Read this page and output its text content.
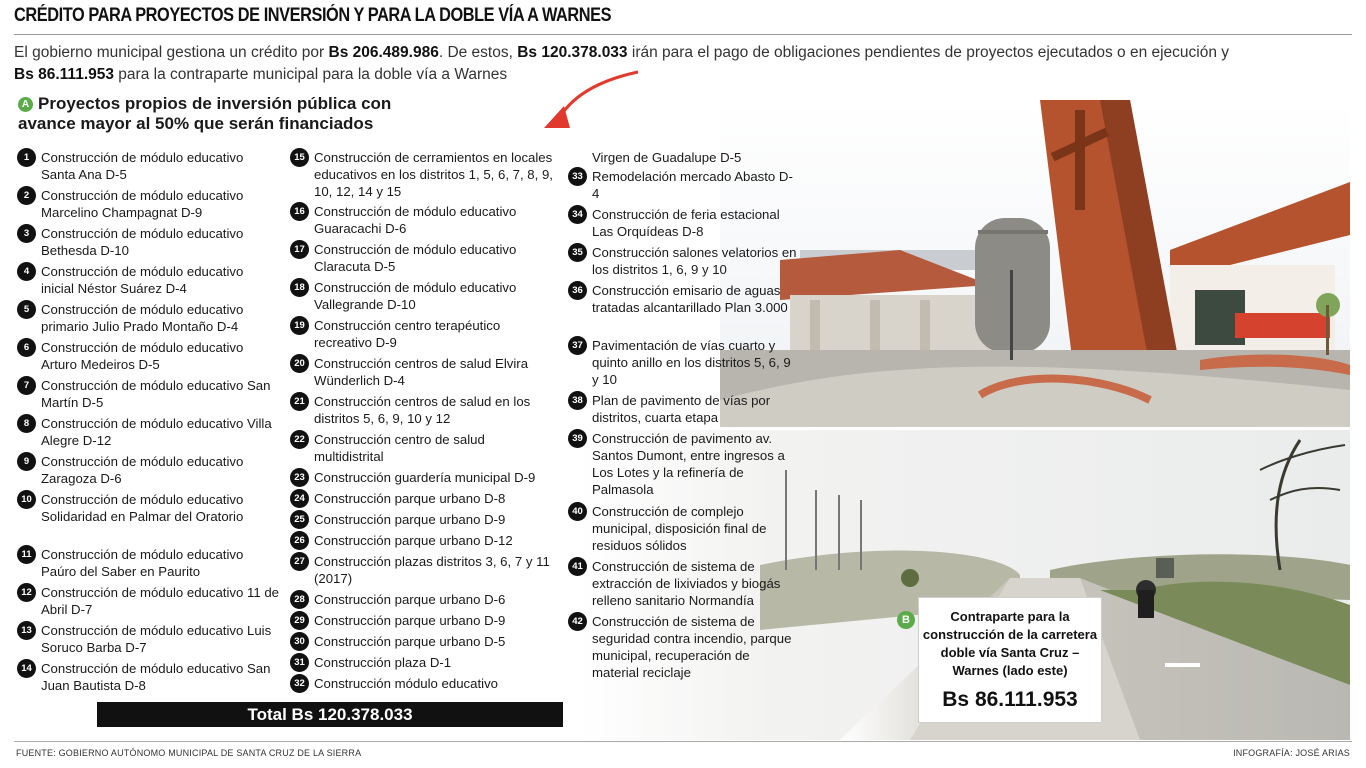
CRÉDITO PARA PROYECTOS DE INVERSIÓN Y PARA LA DOBLE VÍA A WARNES
El gobierno municipal gestiona un crédito por Bs 206.489.986. De estos, Bs 120.378.033 irán para el pago de obligaciones pendientes de proyectos ejecutados o en ejecución y
Bs 86.111.953 para la contraparte municipal para la doble vía a Warnes
A Proyectos propios de inversión pública con avance mayor al 50% que serán financiados
1 Construcción de módulo educativo Santa Ana D-5
2 Construcción de módulo educativo Marcelino Champagnat D-9
3 Construcción de módulo educativo Bethesda D-10
4 Construcción de módulo educativo inicial Néstor Suárez D-4
5 Construcción de módulo educativo primario Julio Prado Montaño D-4
6 Construcción de módulo educativo Arturo Medeiros D-5
7 Construcción de módulo educativo San Martín D-5
8 Construcción de módulo educativo Villa Alegre D-12
9 Construcción de módulo educativo Zaragoza D-6
10 Construcción de módulo educativo Solidaridad en Palmar del Oratorio
11 Construcción de módulo educativo Paúro del Saber en Paurito
12 Construcción de módulo educativo 11 de Abril D-7
13 Construcción de módulo educativo Luis Soruco Barba D-7
14 Construcción de módulo educativo San Juan Bautista D-8
15 Construcción de cerramientos en locales educativos en los distritos 1, 5, 6, 7, 8, 9, 10, 12, 14 y 15
16 Construcción de módulo educativo Guaracachi D-6
17 Construcción de módulo educativo Claracuta D-5
18 Construcción de módulo educativo Vallegrande D-10
19 Construcción centro terapéutico recreativo D-9
20 Construcción centros de salud Elvira Wünderlich D-4
21 Construcción centros de salud en los distritos 5, 6, 9, 10 y 12
22 Construcción centro de salud multidistrital
23 Construcción guardería municipal D-9
24 Construcción parque urbano D-8
25 Construcción parque urbano D-9
26 Construcción parque urbano D-12
27 Construcción plazas distritos 3, 6, 7 y 11 (2017)
28 Construcción parque urbano D-6
29 Construcción parque urbano D-9
30 Construcción parque urbano D-5
31 Construcción plaza D-1
32 Construcción módulo educativo
Virgen de Guadalupe D-5
33 Remodelación mercado Abasto D-4
34 Construcción de feria estacional Las Orquídeas D-8
35 Construcción salones velatorios en los distritos 1, 6, 9 y 10
36 Construcción emisario de aguas tratadas alcantarillado Plan 3.000
37 Pavimentación de vías cuarto y quinto anillo en los distritos 5, 6, 9 y 10
38 Plan de pavimento de vías por distritos, cuarta etapa
39 Construcción de pavimento av. Santos Dumont, entre ingresos a Los Lotes y la refinería de Palmasola
40 Construcción de complejo municipal, disposición final de residuos sólidos
41 Construcción de sistema de extracción de lixiviados y biogás relleno sanitario Normandía
42 Construcción de sistema de seguridad contra incendio, parque municipal, recuperación de material reciclaje
Total Bs 120.378.033
B	Contraparte para la construcción de la carretera doble vía Santa Cruz – Warnes (lado este)
Bs 86.111.953
FUENTE: GOBIERNO AUTÓNOMO MUNICIPAL DE SANTA CRUZ DE LA SIERRA	INFOGRAFÍA: JOSÉ ARIAS
